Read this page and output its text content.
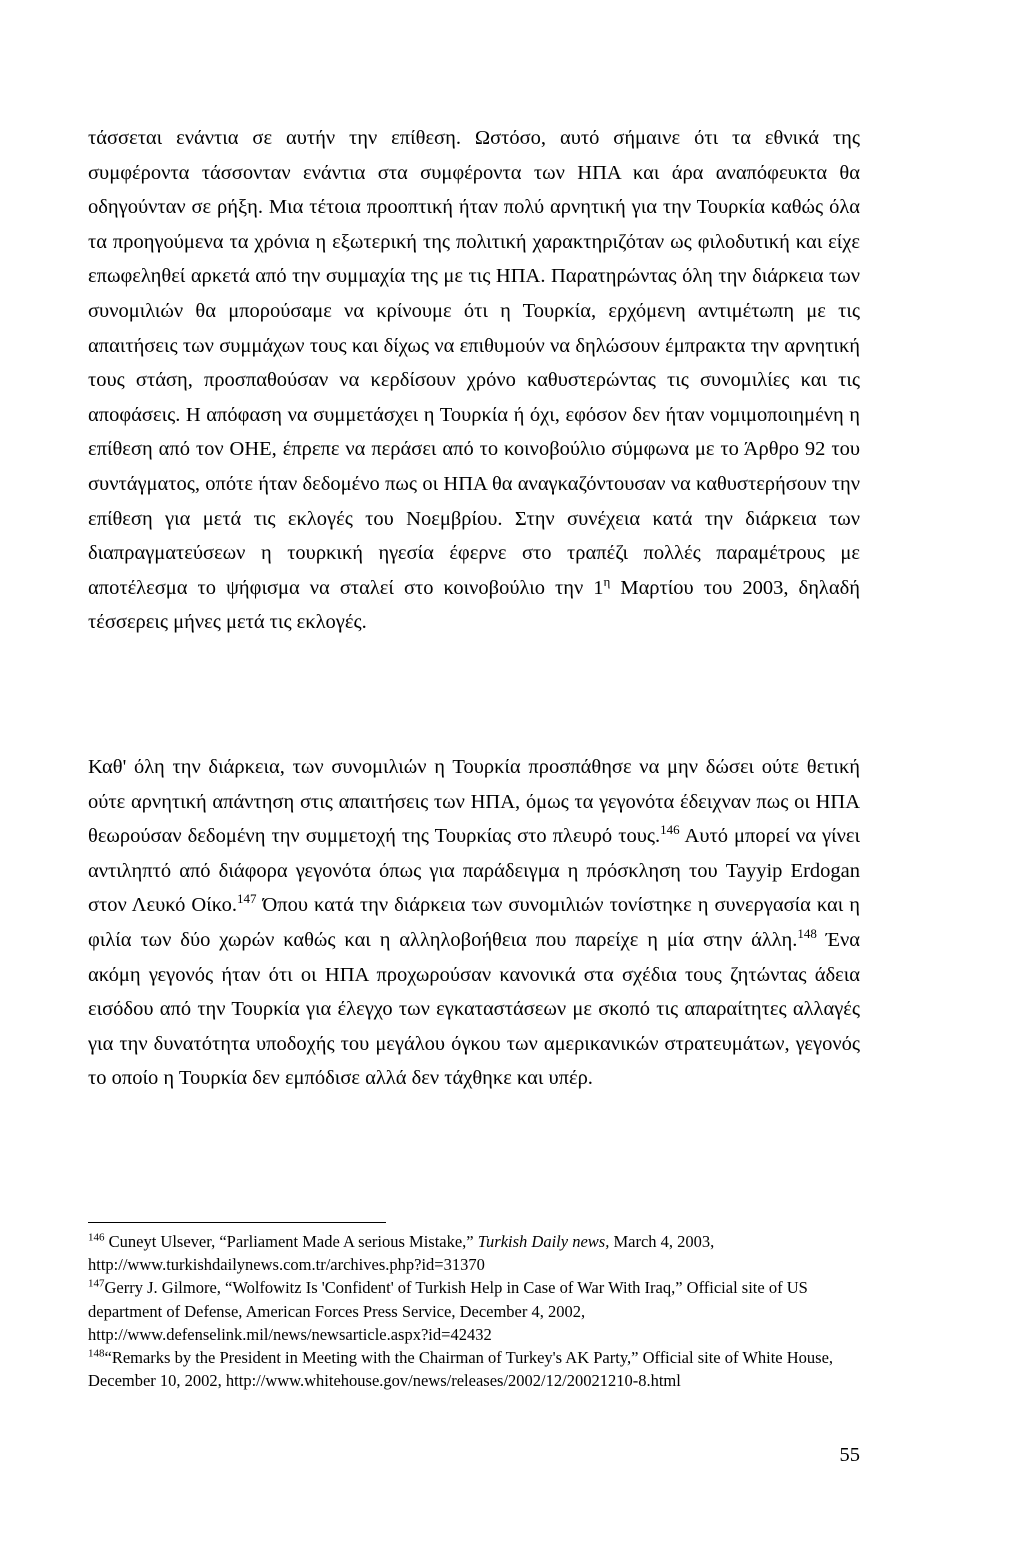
τάσσεται ενάντια σε αυτήν την επίθεση. Ωστόσο, αυτό σήμαινε ότι τα εθνικά της συμφέροντα τάσσονταν ενάντια στα συμφέροντα των ΗΠΑ και άρα αναπόφευκτα θα οδηγούνταν σε ρήξη. Μια τέτοια προοπτική ήταν πολύ αρνητική για την Τουρκία καθώς όλα τα προηγούμενα τα χρόνια η εξωτερική της πολιτική χαρακτηριζόταν ως φιλοδυτική και είχε επωφεληθεί αρκετά από την συμμαχία της με τις ΗΠΑ. Παρατηρώντας όλη την διάρκεια των συνομιλιών θα μπορούσαμε να κρίνουμε ότι η Τουρκία, ερχόμενη αντιμέτωπη με τις απαιτήσεις των συμμάχων τους και δίχως να επιθυμούν να δηλώσουν έμπρακτα την αρνητική τους στάση, προσπαθούσαν να κερδίσουν χρόνο καθυστερώντας τις συνομιλίες και τις αποφάσεις. Η απόφαση να συμμετάσχει η Τουρκία ή όχι, εφόσον δεν ήταν νομιμοποιημένη η επίθεση από τον ΟΗΕ, έπρεπε να περάσει από το κοινοβούλιο σύμφωνα με το Άρθρο 92 του συντάγματος, οπότε ήταν δεδομένο πως οι ΗΠΑ θα αναγκαζόντουσαν να καθυστερήσουν την επίθεση για μετά τις εκλογές του Νοεμβρίου. Στην συνέχεια κατά την διάρκεια των διαπραγματεύσεων η τουρκική ηγεσία έφερνε στο τραπέζι πολλές παραμέτρους με αποτέλεσμα το ψήφισμα να σταλεί στο κοινοβούλιο την $1^\eta$ Μαρτίου του 2003, δηλαδή τέσσερεις μήνες μετά τις εκλογές.

Καθ' όλη την διάρκεια, των συνομιλιών η Τουρκία προσπάθησε να μην δώσει ούτε θετική ούτε αρνητική απάντηση στις απαιτήσεις των ΗΠΑ, όμως τα γεγονότα έδειχναν πως οι ΗΠΑ θεωρούσαν δεδομένη την συμμετοχή της Τουρκίας στο πλευρό τους.$^{146}$ Αυτό μπορεί να γίνει αντιληπτό από διάφορα γεγονότα όπως για παράδειγμα η πρόσκληση του Tayyip Erdogan στον Λευκό Οίκο.$^{147}$ Όπου κατά την διάρκεια των συνομιλιών τονίστηκε η συνεργασία και η φιλία των δύο χωρών καθώς και η αλληλοβοήθεια που παρείχε η μία στην άλλη.$^{148}$ Ένα ακόμη γεγονός ήταν ότι οι ΗΠΑ προχωρούσαν κανονικά στα σχέδια τους ζητώντας άδεια εισόδου από την Τουρκία για έλεγχο των εγκαταστάσεων με σκοπό τις απαραίτητες αλλαγές για την δυνατότητα υποδοχής του μεγάλου όγκου των αμερικανικών στρατευμάτων, γεγονός το οποίο η Τουρκία δεν εμπόδισε αλλά δεν τάχθηκε και υπέρ.

$^{146}$ Cuneyt Ulsever, “Parliament Made A serious Mistake,” Turkish Daily news, March 4, 2003, http://www.turkishdailynews.com.tr/archives.php?id=31370

$^{147}$Gerry J. Gilmore, “Wolfowitz Is 'Confident' of Turkish Help in Case of War With Iraq,” Official site of US department of Defense, American Forces Press Service, December 4, 2002, http://www.defenselink.mil/news/newsarticle.aspx?id=42432

$^{148}$“Remarks by the President in Meeting with the Chairman of Turkey's AK Party,” Official site of White House, December 10, 2002, http://www.whitehouse.gov/news/releases/2002/12/20021210-8.html

55
